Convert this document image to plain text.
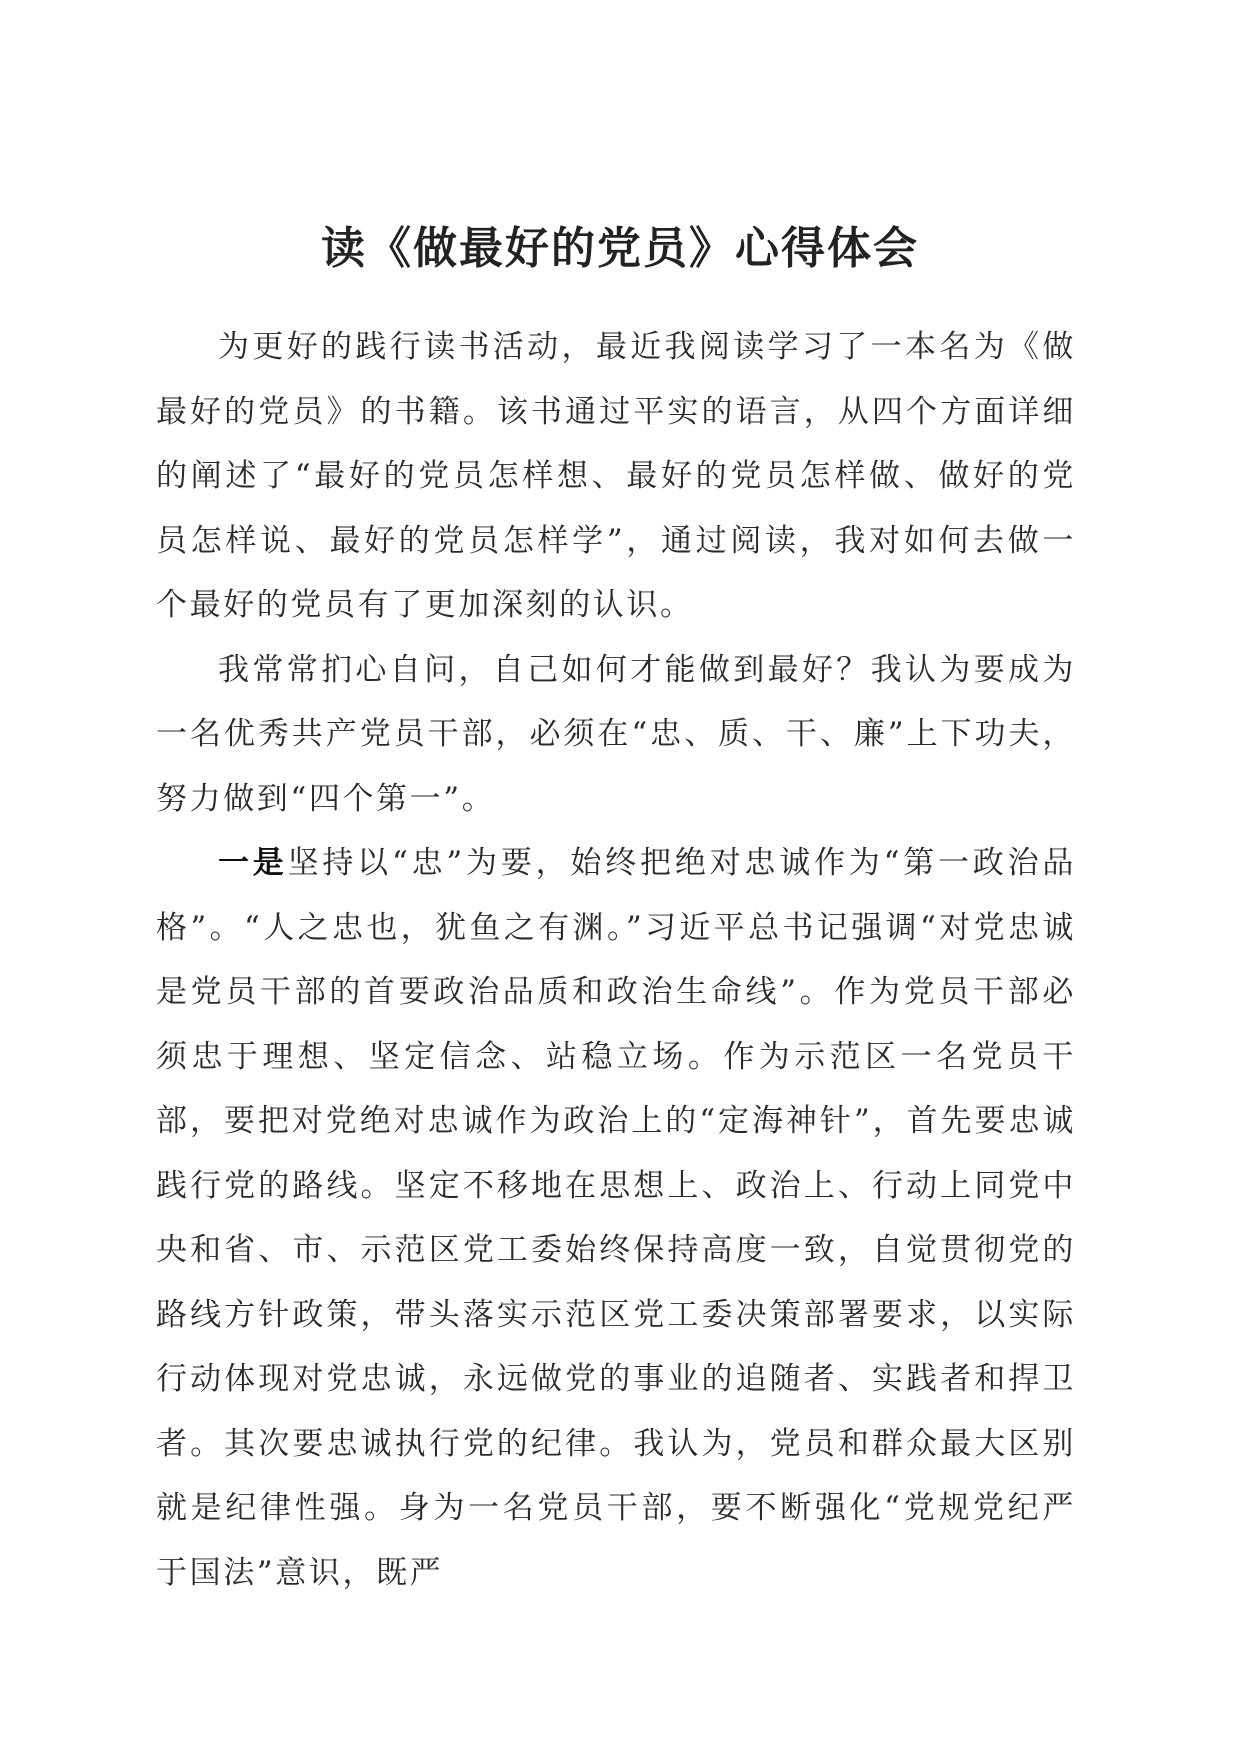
读《做最好的党员》心得体会

为更好的践行读书活动，最近我阅读学习了一本名为《做最好的党员》的书籍。该书通过平实的语言，从四个方面详细的阐述了“最好的党员怎样想、最好的党员怎样做、做好的党员怎样说、最好的党员怎样学”，通过阅读，我对如何去做一个最好的党员有了更加深刻的认识。

我常常扪心自问，自己如何才能做到最好？我认为要成为一名优秀共产党员干部，必须在“忠、质、干、廉”上下功夫，努力做到“四个第一”。

一是坚持以“忠”为要，始终把绝对忠诚作为“第一政治品格”。“人之忠也，犹鱼之有渊。”习近平总书记强调“对党忠诚是党员干部的首要政治品质和政治生命线”。作为党员干部必须忠于理想、坚定信念、站稳立场。作为示范区一名党员干部，要把对党绝对忠诚作为政治上的“定海神针”，首先要忠诚践行党的路线。坚定不移地在思想上、政治上、行动上同党中央和省、市、示范区党工委始终保持高度一致，自觉贯彻党的路线方针政策，带头落实示范区党工委决策部署要求，以实际行动体现对党忠诚，永远做党的事业的追随者、实践者和捍卫者。其次要忠诚执行党的纪律。我认为，党员和群众最大区别就是纪律性强。身为一名党员干部，要不断强化“党规党纪严于国法”意识，既严
